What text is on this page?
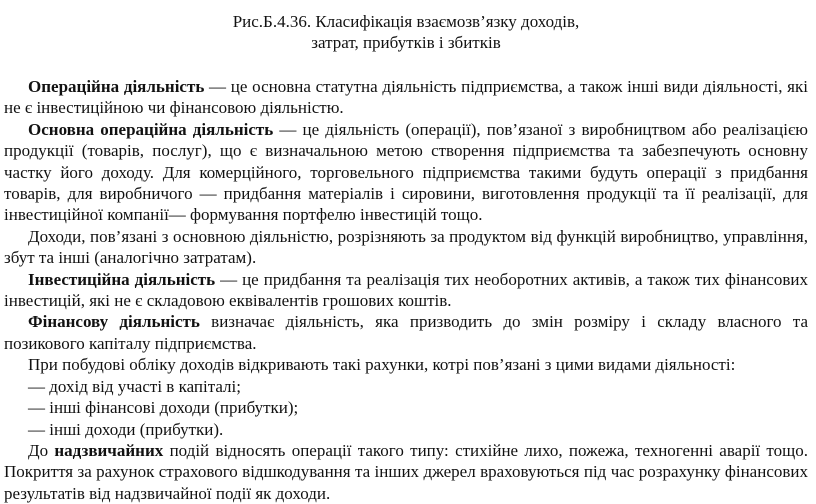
Рис.Б.4.36. Класифікація взаємозв’язку доходів,
затрат, прибутків і збитків

Операційна діяльність — це основна статутна діяльність підприємства, а також інші види діяльності, які не є інвестиційною чи фінансовою діяльністю.

Основна операційна діяльність — це діяльність (операції), пов’язаної з виробництвом або реалізацією продукції (товарів, послуг), що є визначальною метою створення підприємства та забезпечують основну частку його доходу. Для комерційного, торговельного підприємства такими будуть операції з придбання товарів, для виробничого — придбання матеріалів і сировини, виготовлення продукції та її реалізації, для інвестиційної компанії— формування портфелю інвестицій тощо.

Доходи, пов’язані з основною діяльністю, розрізняють за продуктом від функцій виробництво, управління, збут та інші (аналогічно затратам).

Інвестиційна діяльність — це придбання та реалізація тих необоротних активів, а також тих фінансових інвестицій, які не є складовою еквівалентів грошових коштів.

Фінансову діяльність визначає діяльність, яка призводить до змін розміру і складу власного та позикового капіталу підприємства.

При побудові обліку доходів відкривають такі рахунки, котрі пов’язані з цими видами діяльності:

— дохід від участі в капіталі;

— інші фінансові доходи (прибутки);

— інші доходи (прибутки).

До надзвичайних подій відносять операції такого типу: стихійне лихо, пожежа, техногенні аварії тощо. Покриття за рахунок страхового відшкодування та інших джерел враховуються під час розрахунку фінансових результатів від надзвичайної події як доходи.
